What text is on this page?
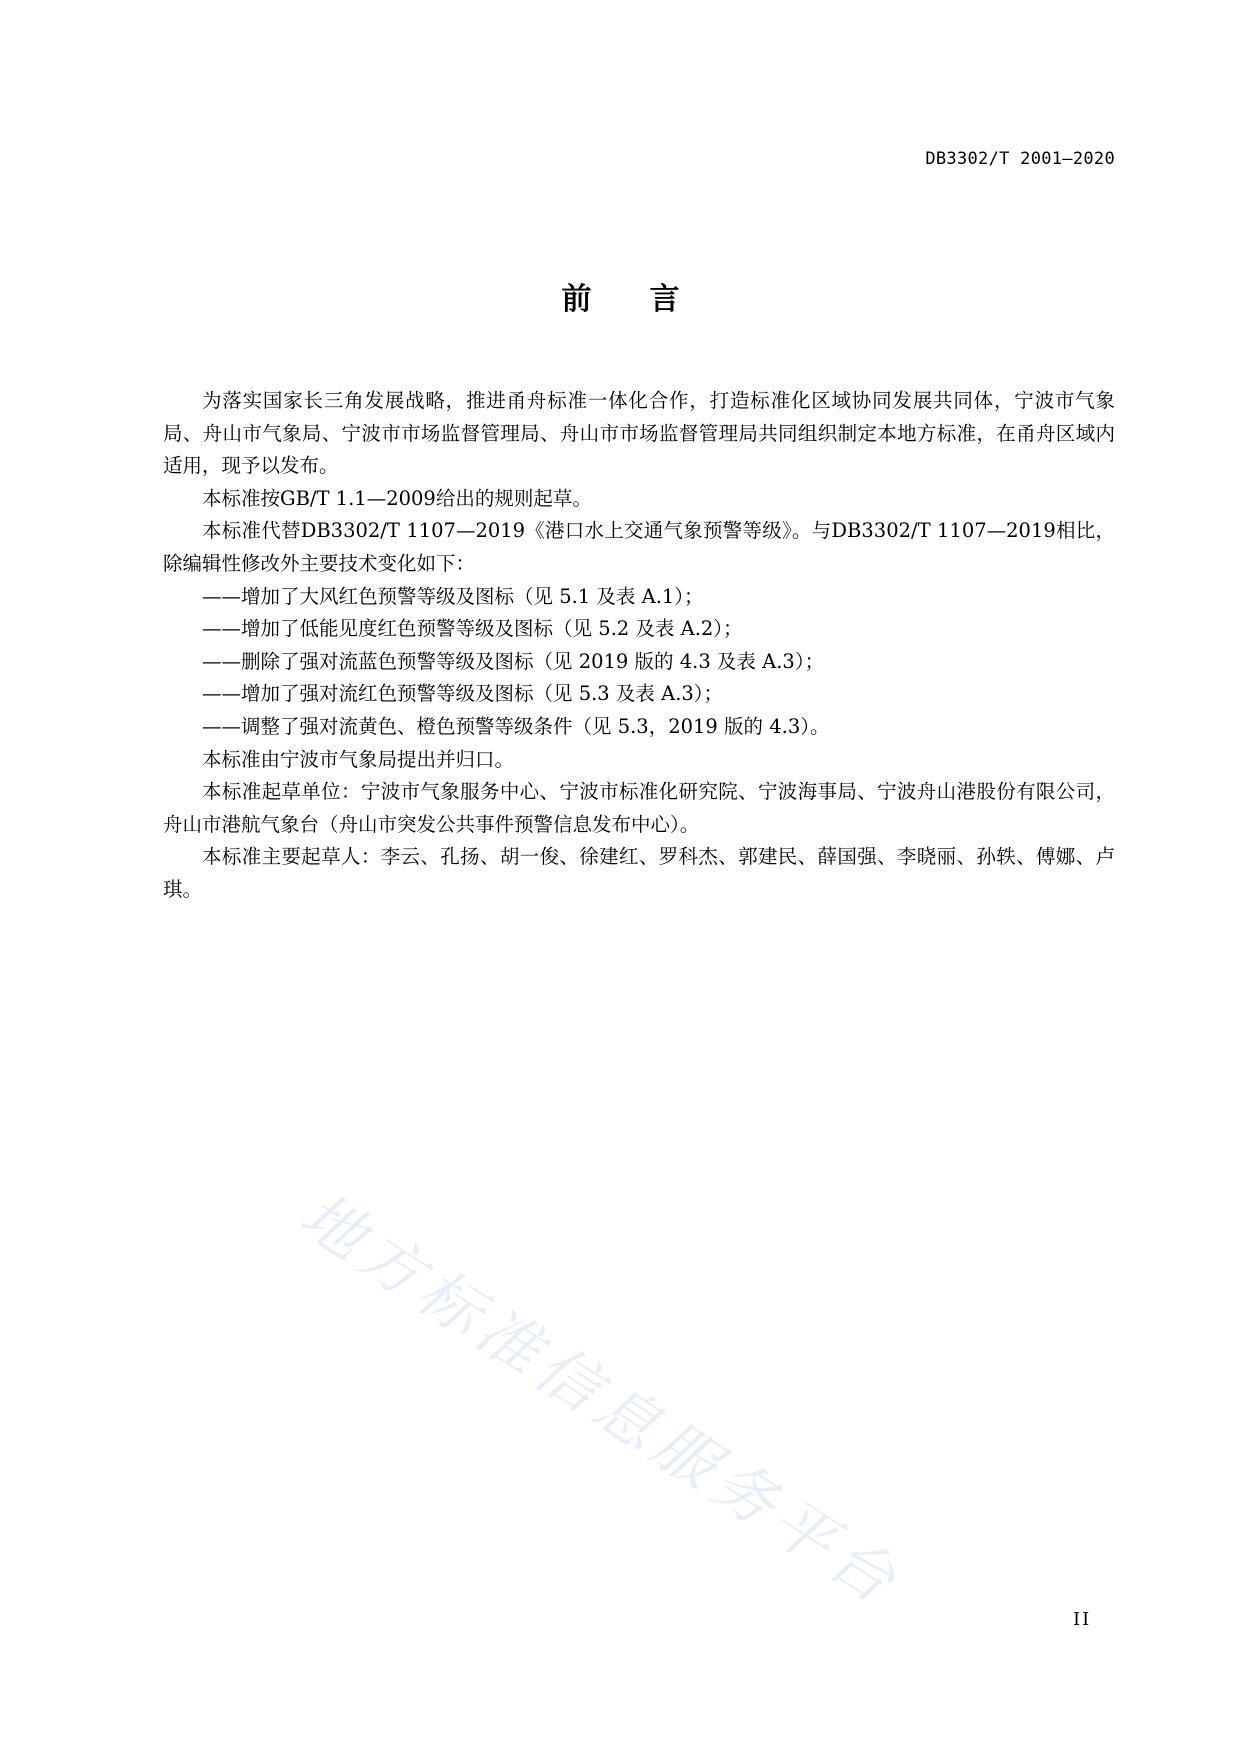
DB3302/T 2001—2020
前言

为落实国家长三角发展战略，推进甬舟标准一体化合作，打造标准化区域协同发展共同体，宁波市气象局、舟山市气象局、宁波市市场监督管理局、舟山市市场监督管理局共同组织制定本地方标准，在甬舟区域内适用，现予以发布。

本标准按GB/T 1.1—2009给出的规则起草。

本标准代替DB3302/T 1107—2019《港口水上交通气象预警等级》。与DB3302/T 1107—2019相比，除编辑性修改外主要技术变化如下：

——增加了大风红色预警等级及图标（见 5.1 及表 A.1）；

——增加了低能见度红色预警等级及图标（见 5.2 及表 A.2）；

——删除了强对流蓝色预警等级及图标（见 2019 版的 4.3 及表 A.3）；

——增加了强对流红色预警等级及图标（见 5.3 及表 A.3）；

——调整了强对流黄色、橙色预警等级条件（见 5.3，2019 版的 4.3）。

本标准由宁波市气象局提出并归口。

本标准起草单位：宁波市气象服务中心、宁波市标准化研究院、宁波海事局、宁波舟山港股份有限公司，舟山市港航气象台（舟山市突发公共事件预警信息发布中心）。

本标准主要起草人：李云、孔扬、胡一俊、徐建红、罗科杰、郭建民、薛国强、李晓丽、孙轶、傅娜、卢琪。

地方标准信息服务平台	II
